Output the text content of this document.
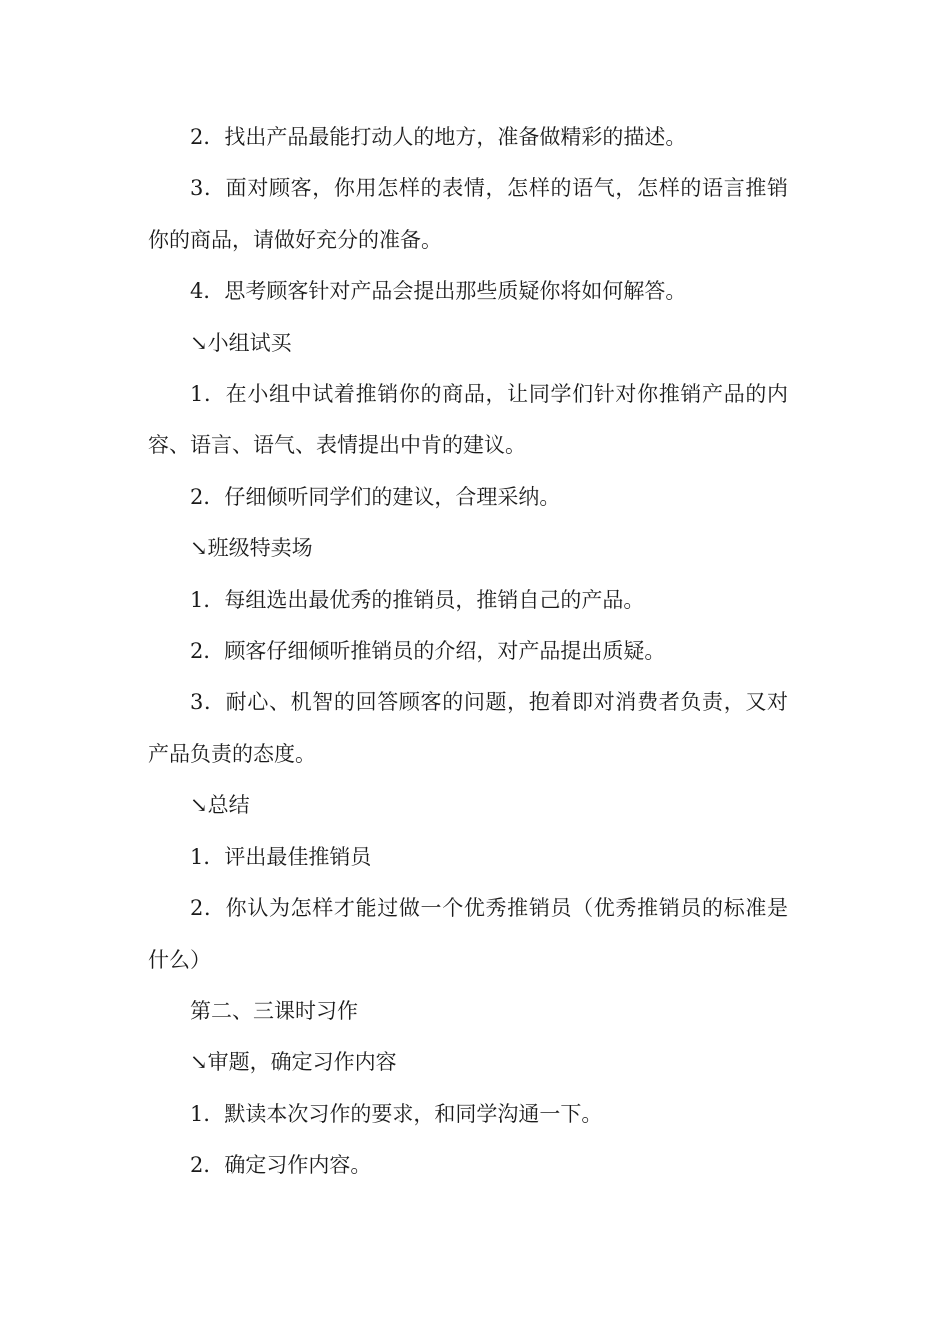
2．找出产品最能打动人的地方，准备做精彩的描述。

3．面对顾客，你用怎样的表情，怎样的语气，怎样的语言推销你的商品，请做好充分的准备。

4．思考顾客针对产品会提出那些质疑你将如何解答。

↘小组试买

1．在小组中试着推销你的商品，让同学们针对你推销产品的内容、语言、语气、表情提出中肯的建议。

2．仔细倾听同学们的建议，合理采纳。

↘班级特卖场

1．每组选出最优秀的推销员，推销自己的产品。

2．顾客仔细倾听推销员的介绍，对产品提出质疑。

3．耐心、机智的回答顾客的问题，抱着即对消费者负责，又对产品负责的态度。

↘总结

1．评出最佳推销员

2．你认为怎样才能过做一个优秀推销员（优秀推销员的标准是什么）

第二、三课时习作

↘审题，确定习作内容

1．默读本次习作的要求，和同学沟通一下。

2．确定习作内容。
